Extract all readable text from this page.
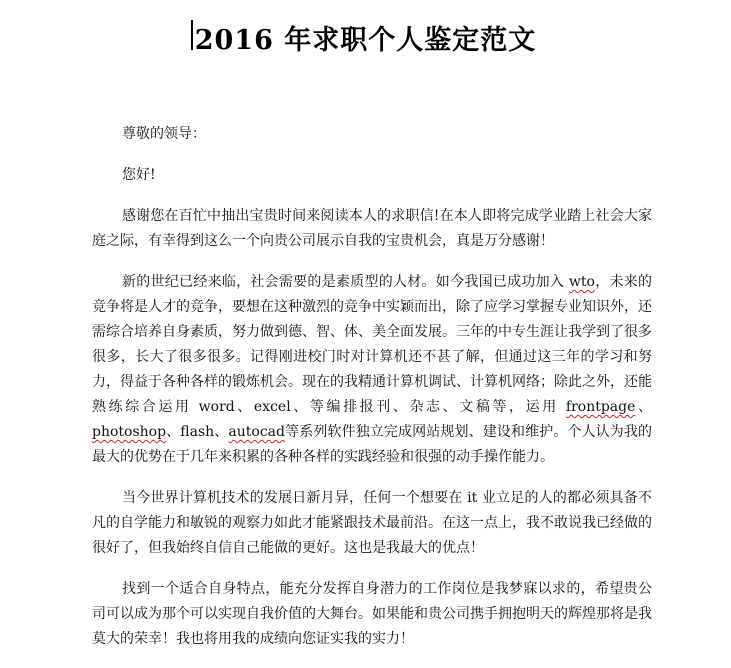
2016 年求职个人鉴定范文

尊敬的领导：

您好!

感谢您在百忙中抽出宝贵时间来阅读本人的求职信!在本人即将完成学业踏上社会大家庭之际，有幸得到这么一个向贵公司展示自我的宝贵机会，真是万分感谢！

新的世纪已经来临，社会需要的是素质型的人材。如今我国已成功加入 wto，未来的竞争将是人才的竞争，要想在这种激烈的竞争中实颖而出，除了应学习掌握专业知识外，还需综合培养自身素质，努力做到德、智、体、美全面发展。三年的中专生涯让我学到了很多很多，长大了很多很多。记得刚进校门时对计算机还不甚了解，但通过这三年的学习和努力，得益于各种各样的锻炼机会。现在的我精通计算机调试、计算机网络；除此之外，还能熟练综合运用 word、excel、等编排报刊、杂志、文稿等，运用 frontpage、photoshop、flash、autocad等系列软件独立完成网站规划、建设和维护。个人认为我的最大的优势在于几年来积累的各种各样的实践经验和很强的动手操作能力。

当今世界计算机技术的发展日新月异，任何一个想要在 it 业立足的人的都必须具备不凡的自学能力和敏锐的观察力如此才能紧跟技术最前沿。在这一点上，我不敢说我已经做的很好了，但我始终自信自己能做的更好。这也是我最大的优点！

找到一个适合自身特点，能充分发挥自身潜力的工作岗位是我梦寐以求的，希望贵公司可以成为那个可以实现自我价值的大舞台。如果能和贵公司携手拥抱明天的辉煌那将是我莫大的荣幸！我也将用我的成绩向您证实我的实力！
